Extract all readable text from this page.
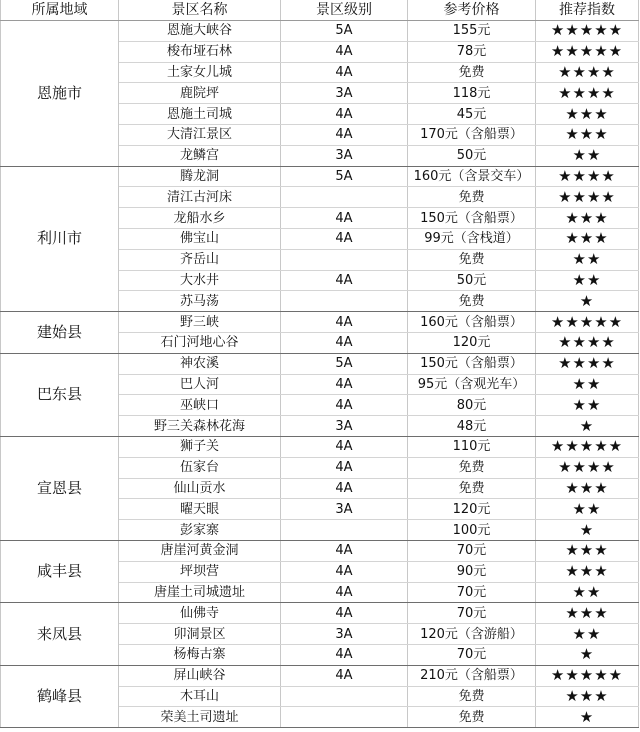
所属地域	景区名称	景区级别	参考价格	推荐指数
恩施市	恩施大峡谷	5A	155元	★★★★★
	梭布垭石林	4A	78元	★★★★★
	土家女儿城	4A	免费	★★★★
	鹿院坪	3A	118元	★★★★
	恩施土司城	4A	45元	★★★
	大清江景区	4A	170元（含船票）	★★★
	龙鳞宫	3A	50元	★★
利川市	腾龙洞	5A	160元（含景交车）	★★★★
	清江古河床		免费	★★★★
	龙船水乡	4A	150元（含船票）	★★★
	佛宝山	4A	99元（含栈道）	★★★
	齐岳山		免费	★★
	大水井	4A	50元	★★
	苏马荡		免费	★
建始县	野三峡	4A	160元（含船票）	★★★★★
	石门河地心谷	4A	120元	★★★★
巴东县	神农溪	5A	150元（含船票）	★★★★
	巴人河	4A	95元（含观光车）	★★
	巫峡口	4A	80元	★★
	野三关森林花海	3A	48元	★
宣恩县	狮子关	4A	110元	★★★★★
	伍家台	4A	免费	★★★★
	仙山贡水	4A	免费	★★★
	曜天眼	3A	120元	★★
	彭家寨		100元	★
咸丰县	唐崖河黄金洞	4A	70元	★★★
	坪坝营	4A	90元	★★★
	唐崖土司城遗址	4A	70元	★★
来凤县	仙佛寺	4A	70元	★★★
	卯洞景区	3A	120元（含游船）	★★
	杨梅古寨	4A	70元	★
鹤峰县	屏山峡谷	4A	210元（含船票）	★★★★★
	木耳山		免费	★★★
	荣美土司遗址		免费	★
